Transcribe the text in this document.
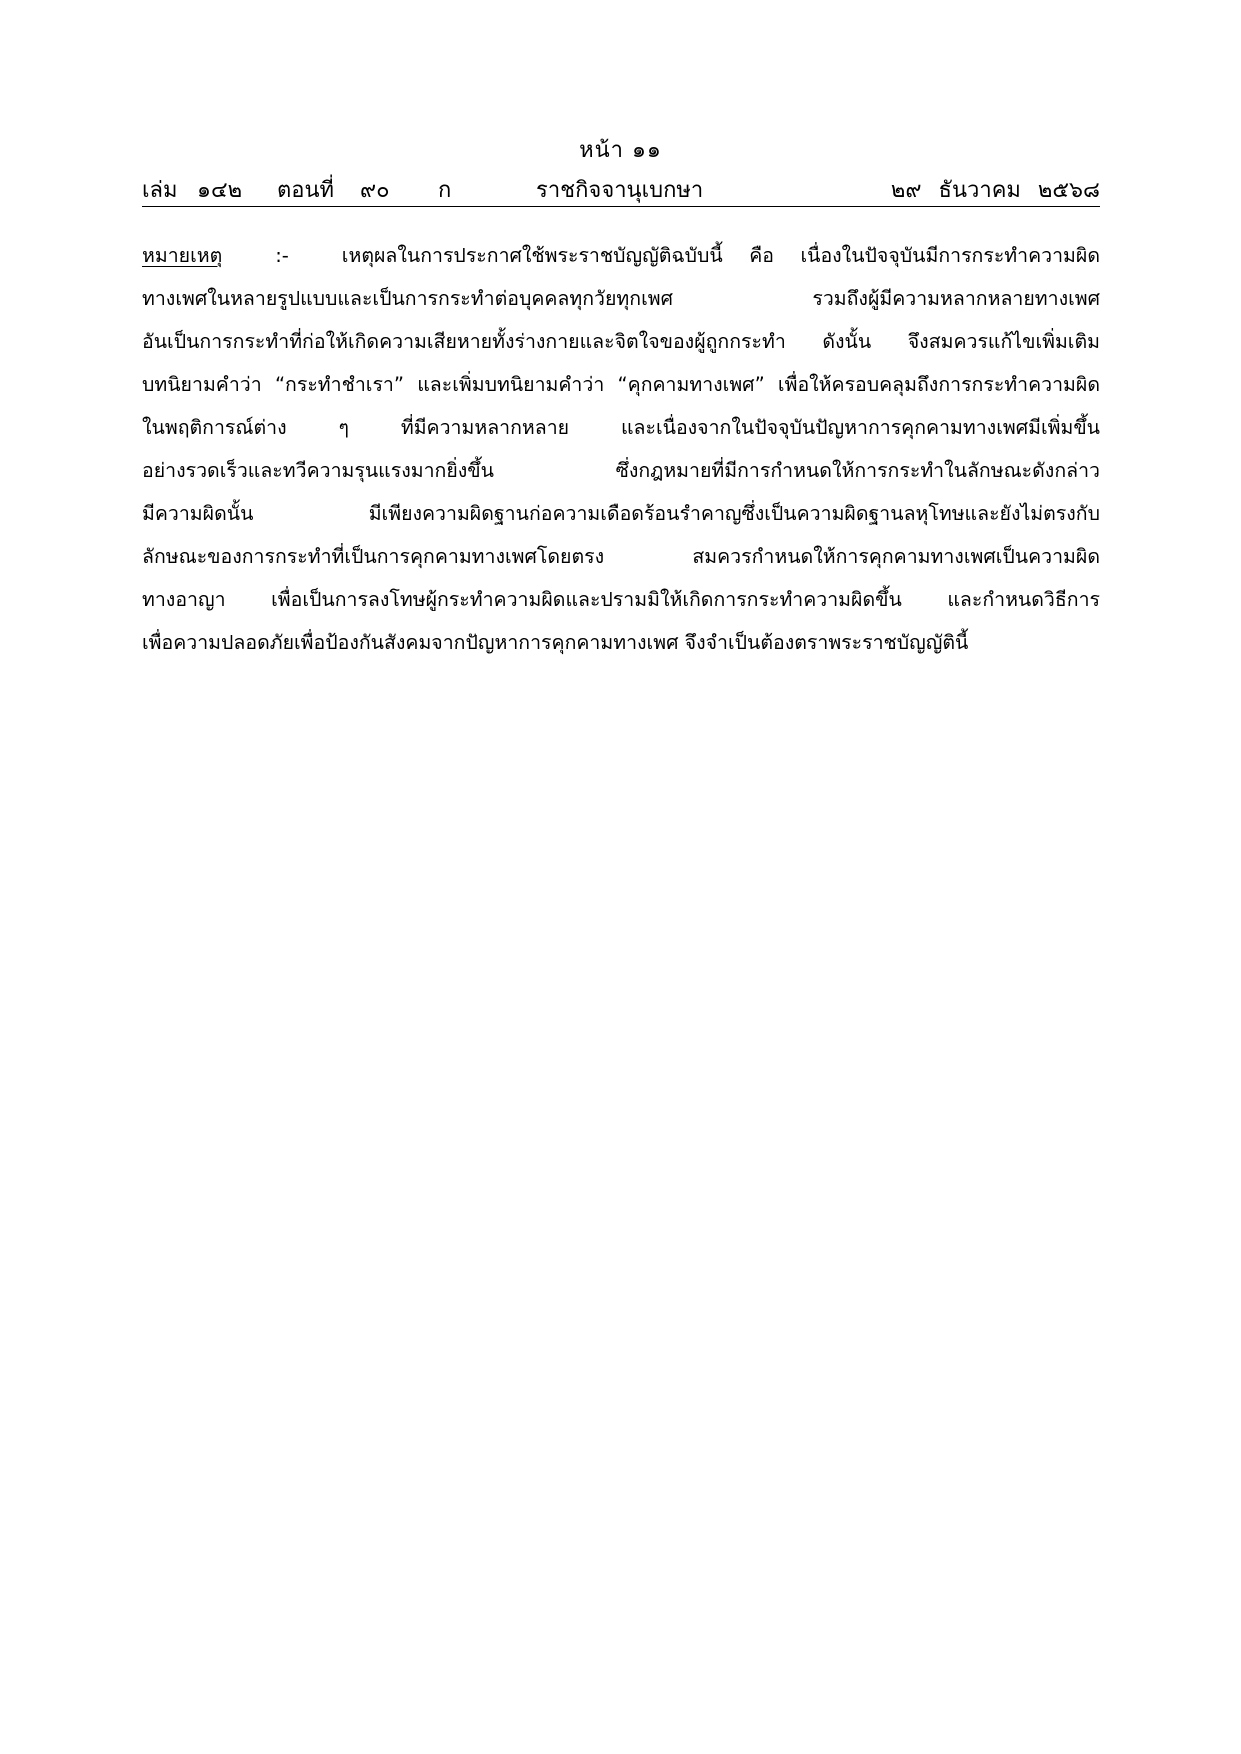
หน้า ๑๑
เล่ม ๑๔๒ ตอนที่ ๙๐ ก	ราชกิจจานุเบกษา	๒๙ ธันวาคม ๒๕๖๘
หมายเหตุ	:-	เหตุผลในการประกาศใช้พระราชบัญญัติฉบับนี้ คือ เนื่องในปัจจุบันมีการกระทำความผิด
ทางเพศในหลายรูปแบบและเป็นการกระทำต่อบุคคลทุกวัยทุกเพศ รวมถึงผู้มีความหลากหลายทางเพศ
อันเป็นการกระทำที่ก่อให้เกิดความเสียหายทั้งร่างกายและจิตใจของผู้ถูกกระทำ ดังนั้น จึงสมควรแก้ไขเพิ่มเติม
บทนิยามคำว่า “กระทำชำเรา” และเพิ่มบทนิยามคำว่า “คุกคามทางเพศ” เพื่อให้ครอบคลุมถึงการกระทำความผิด
ในพฤติการณ์ต่าง ๆ ที่มีความหลากหลาย และเนื่องจากในปัจจุบันปัญหาการคุกคามทางเพศมีเพิ่มขึ้น
อย่างรวดเร็วและทวีความรุนแรงมากยิ่งขึ้น ซึ่งกฎหมายที่มีการกำหนดให้การกระทำในลักษณะดังกล่าว
มีความผิดนั้น มีเพียงความผิดฐานก่อความเดือดร้อนรำคาญซึ่งเป็นความผิดฐานลหุโทษและยังไม่ตรงกับ
ลักษณะของการกระทำที่เป็นการคุกคามทางเพศโดยตรง สมควรกำหนดให้การคุกคามทางเพศเป็นความผิด
ทางอาญา เพื่อเป็นการลงโทษผู้กระทำความผิดและปรามมิให้เกิดการกระทำความผิดขึ้น และกำหนดวิธีการ
เพื่อความปลอดภัยเพื่อป้องกันสังคมจากปัญหาการคุกคามทางเพศ จึงจำเป็นต้องตราพระราชบัญญัตินี้
